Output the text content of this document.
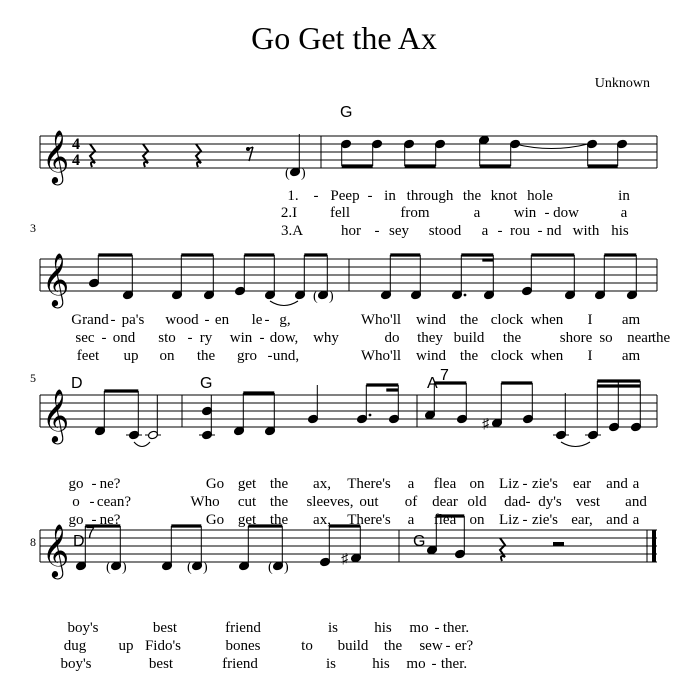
Go Get the Ax
Unknown
𝄞 4
4
( )
G
1. - Peep - in through the knot hole	in
2.I fell	from	a win - dow	a
3.A	hor - sey stood a - rou - nd with his
3
𝄞	( )
Grand - pa's wood - en le - g,	Who'll wind the clock when I am
sec - ond sto - ry win - dow, why	do they build the	shore so near
the
feet up on the gro - und,	Who'll wind the clock when I am
5
𝄞
D	G	A 7
♯
go - ne?	Go get the ax, There's a flea on Liz - zie's ear and a
o - cean?	Who cut the sleeves, out of dear old dad - dy's vest and
go - ne?	Go get the ax, There's a flea on Liz - zie's ear, and a
8 𝄞 D 7	G
( )	( )	( )
♯
boy's	best	friend	is his mo - ther.
dug up Fido's	bones	to build the sew - er?
boy's	best	friend	is his mo - ther.
